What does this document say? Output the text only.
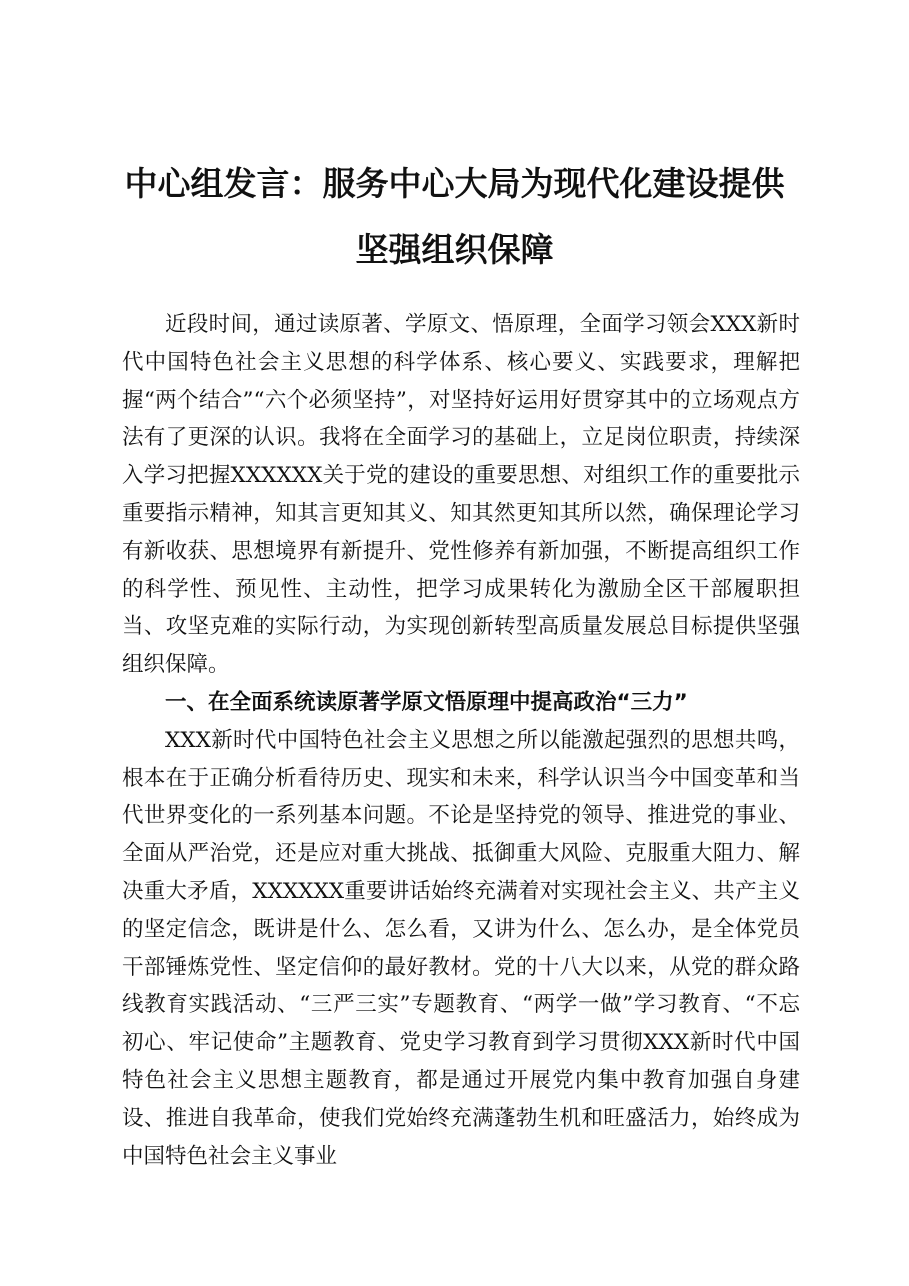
中心组发言：服务中心大局为现代化建设提供
坚强组织保障

近段时间，通过读原著、学原文、悟原理，全面学习领会XXX新时代中国特色社会主义思想的科学体系、核心要义、实践要求，理解把握“两个结合”“六个必须坚持”，对坚持好运用好贯穿其中的立场观点方法有了更深的认识。我将在全面学习的基础上，立足岗位职责，持续深入学习把握XXXXXX关于党的建设的重要思想、对组织工作的重要批示重要指示精神，知其言更知其义、知其然更知其所以然，确保理论学习有新收获、思想境界有新提升、党性修养有新加强，不断提高组织工作的科学性、预见性、主动性，把学习成果转化为激励全区干部履职担当、攻坚克难的实际行动，为实现创新转型高质量发展总目标提供坚强组织保障。

一、在全面系统读原著学原文悟原理中提高政治“三力”

XXX新时代中国特色社会主义思想之所以能激起强烈的思想共鸣，根本在于正确分析看待历史、现实和未来，科学认识当今中国变革和当代世界变化的一系列基本问题。不论是坚持党的领导、推进党的事业、全面从严治党，还是应对重大挑战、抵御重大风险、克服重大阻力、解决重大矛盾，XXXXXX重要讲话始终充满着对实现社会主义、共产主义的坚定信念，既讲是什么、怎么看，又讲为什么、怎么办，是全体党员干部锤炼党性、坚定信仰的最好教材。党的十八大以来，从党的群众路线教育实践活动、“三严三实”专题教育、“两学一做”学习教育、“不忘初心、牢记使命”主题教育、党史学习教育到学习贯彻XXX新时代中国特色社会主义思想主题教育，都是通过开展党内集中教育加强自身建设、推进自我革命，使我们党始终充满蓬勃生机和旺盛活力，始终成为中国特色社会主义事业
